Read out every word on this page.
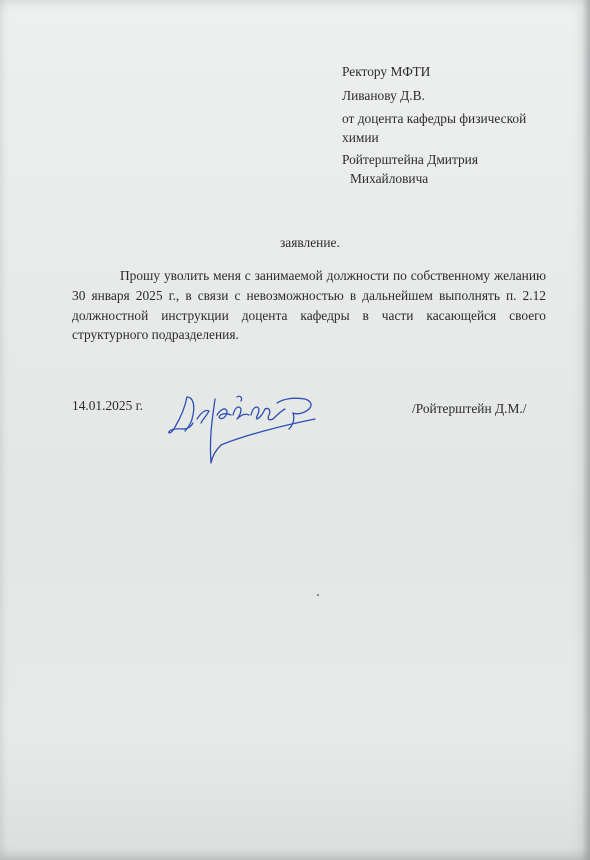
Ректору МФТИ
Ливанову Д.В.
от доцента кафедры физической
химии
Ройтерштейна Дмитрия
Михайловича
заявление.
Прошу уволить меня с занимаемой должности по собственному желанию 30 января 2025 г., в связи с невозможностью в дальнейшем выполнять п. 2.12 должностной инструкции доцента кафедры в части касающейся своего структурного подразделения.
14.01.2025 г.	/Ройтерштейн Д.М./
